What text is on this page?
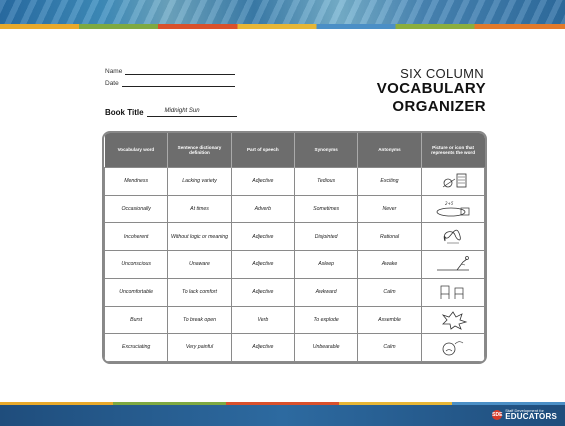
Name
Date
Book Title	Midnight Sun
SIX COLUMN
VOCABULARY
ORGANIZER
Vocabulary word	Sentence dictionary definition	Part of speech	Synonyms	Antonyms	Picture or icon that represents the word
Mendness	Lacking variety	Adjective	Tedious	Exciting	

Occasionally	At times	Adverb	Sometimes	Never	2+5

Incoherent	Without logic or meaning	Adjective	Disjointed	Rational	

Unconscious	Unaware	Adjective	Asleep	Awake	

Uncomfortable	To lack comfort	Adjective	Awkward	Calm	

Burst	To break open	Verb	To explode	Assemble	

Excruciating	Very painful	Adjective	Unbearable	Calm	
SDE
Staff Development for
EDUCATORS
